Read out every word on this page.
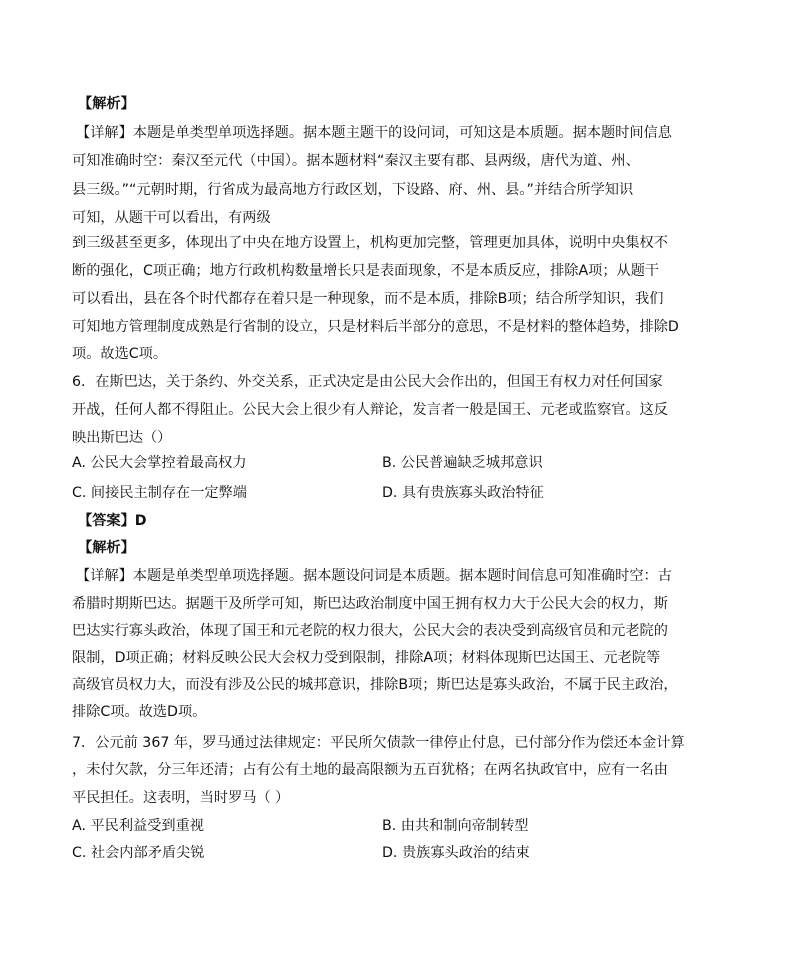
【解析】
【详解】本题是单类型单项选择题。据本题主题干的设问词，可知这是本质题。据本题时间信息
可知准确时空：秦汉至元代（中国）。据本题材料“秦汉主要有郡、县两级，唐代为道、州、
县三级。”“元朝时期，行省成为最高地方行政区划，下设路、府、州、县。”并结合所学知识
可知，从题干可以看出，有两级
到三级甚至更多，体现出了中央在地方设置上，机构更加完整，管理更加具体，说明中央集权不
断的强化，C项正确；地方行政机构数量增长只是表面现象，不是本质反应，排除A项；从题干
可以看出，县在各个时代都存在着只是一种现象，而不是本质，排除B项；结合所学知识，我们
可知地方管理制度成熟是行省制的设立，只是材料后半部分的意思，不是材料的整体趋势，排除D
项。故选C项。
6．在斯巴达，关于条约、外交关系，正式决定是由公民大会作出的，但国王有权力对任何国家
开战，任何人都不得阻止。公民大会上很少有人辩论，发言者一般是国王、元老或监察官。这反
映出斯巴达（）
A. 公民大会掌控着最高权力	B. 公民普遍缺乏城邦意识
C. 间接民主制存在一定弊端	D. 具有贵族寡头政治特征
【答案】D
【解析】
【详解】本题是单类型单项选择题。据本题设问词是本质题。据本题时间信息可知准确时空：古
希腊时期斯巴达。据题干及所学可知，斯巴达政治制度中国王拥有权力大于公民大会的权力，斯
巴达实行寡头政治，体现了国王和元老院的权力很大，公民大会的表决受到高级官员和元老院的
限制，D项正确；材料反映公民大会权力受到限制，排除A项；材料体现斯巴达国王、元老院等
高级官员权力大，而没有涉及公民的城邦意识，排除B项；斯巴达是寡头政治，不属于民主政治，
排除C项。故选D项。
7．公元前 367 年，罗马通过法律规定：平民所欠债款一律停止付息，已付部分作为偿还本金计算
，未付欠款，分三年还清；占有公有土地的最高限额为五百犹格；在两名执政官中，应有一名由
平民担任。这表明，当时罗马（ ）
A. 平民利益受到重视	B. 由共和制向帝制转型
C. 社会内部矛盾尖锐	D. 贵族寡头政治的结束
